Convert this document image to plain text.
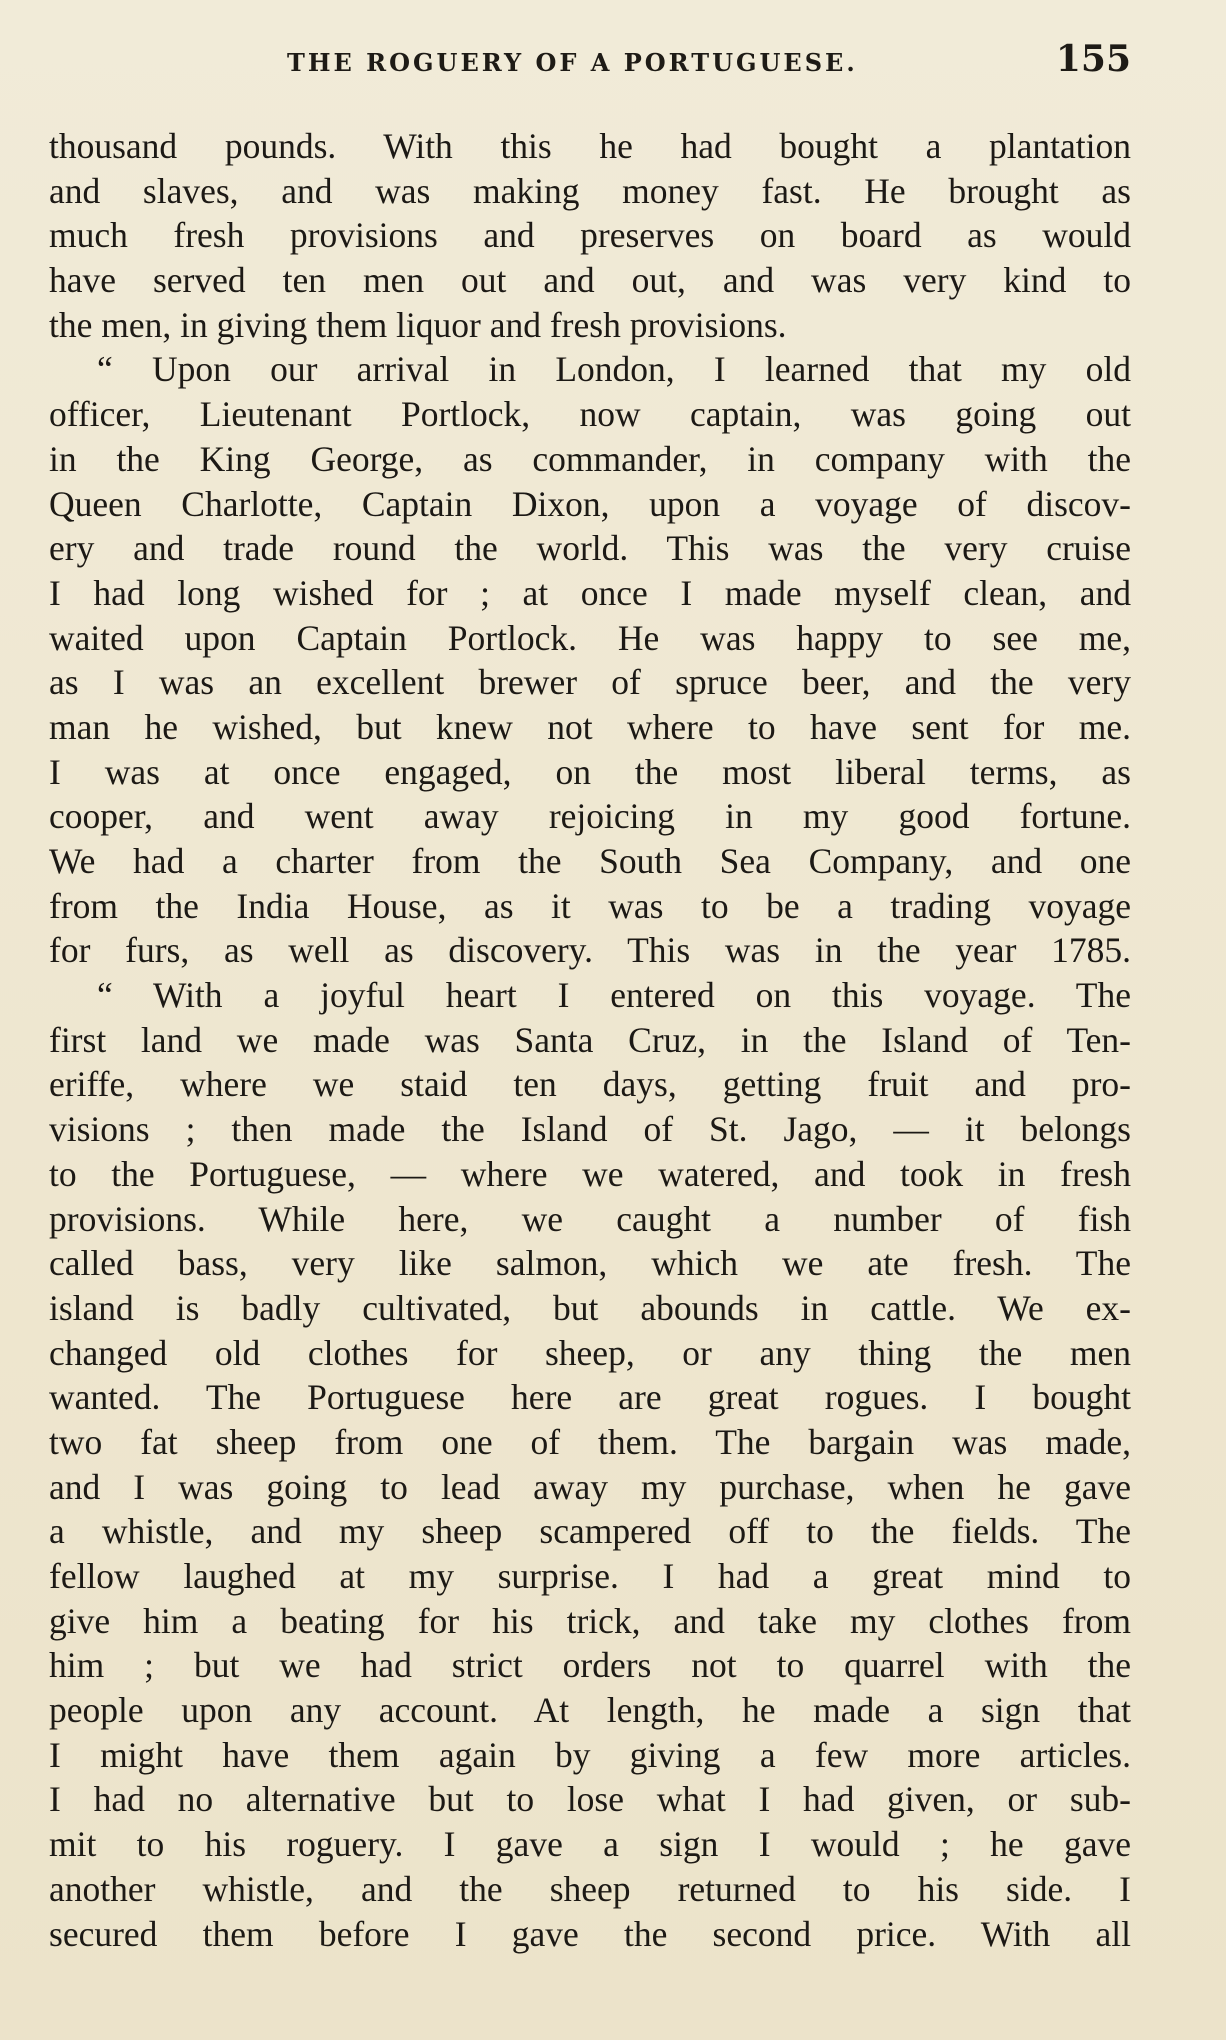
THE ROGUERY OF A PORTUGUESE.	155
thousand pounds. With this he had bought a plantation
and slaves, and was making money fast. He brought as
much fresh provisions and preserves on board as would
have served ten men out and out, and was very kind to
the men, in giving them liquor and fresh provisions.
“ Upon our arrival in London, I learned that my old
officer, Lieutenant Portlock, now captain, was going out
in the King George, as commander, in company with the
Queen Charlotte, Captain Dixon, upon a voyage of discov-
ery and trade round the world. This was the very cruise
I had long wished for ; at once I made myself clean, and
waited upon Captain Portlock. He was happy to see me,
as I was an excellent brewer of spruce beer, and the very
man he wished, but knew not where to have sent for me.
I was at once engaged, on the most liberal terms, as
cooper, and went away rejoicing in my good fortune.
We had a charter from the South Sea Company, and one
from the India House, as it was to be a trading voyage
for furs, as well as discovery. This was in the year 1785.
“ With a joyful heart I entered on this voyage. The
first land we made was Santa Cruz, in the Island of Ten-
eriffe, where we staid ten days, getting fruit and pro-
visions ; then made the Island of St. Jago, — it belongs
to the Portuguese, — where we watered, and took in fresh
provisions. While here, we caught a number of fish
called bass, very like salmon, which we ate fresh. The
island is badly cultivated, but abounds in cattle. We ex-
changed old clothes for sheep, or any thing the men
wanted. The Portuguese here are great rogues. I bought
two fat sheep from one of them. The bargain was made,
and I was going to lead away my purchase, when he gave
a whistle, and my sheep scampered off to the fields. The
fellow laughed at my surprise. I had a great mind to
give him a beating for his trick, and take my clothes from
him ; but we had strict orders not to quarrel with the
people upon any account. At length, he made a sign that
I might have them again by giving a few more articles.
I had no alternative but to lose what I had given, or sub-
mit to his roguery. I gave a sign I would ; he gave
another whistle, and the sheep returned to his side. I
secured them before I gave the second price. With all
